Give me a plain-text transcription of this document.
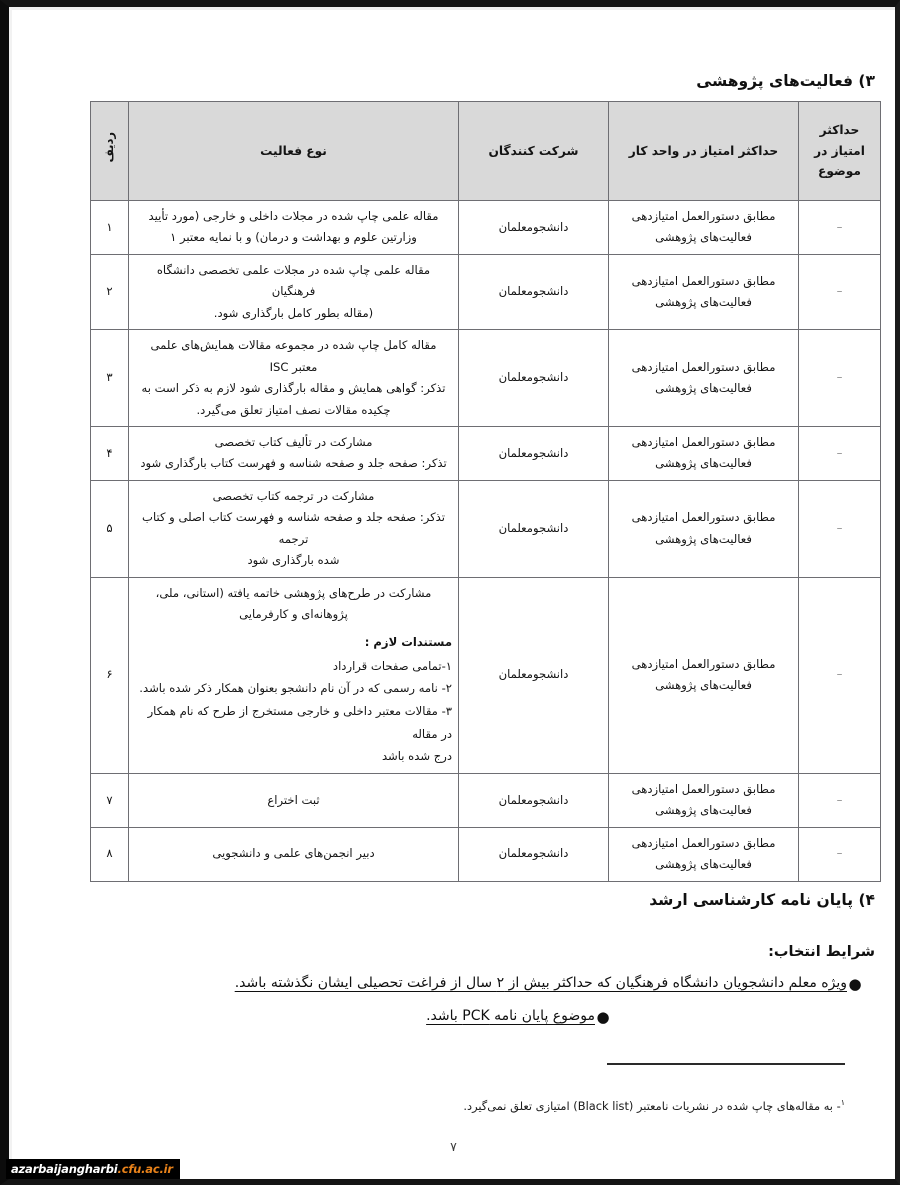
۳) فعالیت‌های پژوهشی
حداکثر امتیاز در موضوع	حداکثر امتیاز در واحد کار	شرکت کنندگان	نوع فعالیت	ردیف
–	مطابق دستورالعمل امتیازدهی
فعالیت‌های پژوهشی	دانشجومعلمان	مقاله علمی چاپ شده در مجلات داخلی و خارجی (مورد تأیید
وزارتین علوم و بهداشت و درمان) و با نمایه معتبر ۱	۱
–	مطابق دستورالعمل امتیازدهی
فعالیت‌های پژوهشی	دانشجومعلمان	مقاله علمی چاپ شده در مجلات علمی تخصصی دانشگاه فرهنگیان
(مقاله بطور کامل بارگذاری شود.	۲
–	مطابق دستورالعمل امتیازدهی
فعالیت‌های پژوهشی	دانشجومعلمان	مقاله کامل چاپ شده در مجموعه مقالات همایش‌های علمی
معتبر ISC
تذکر: گواهی همایش و مقاله بارگذاری شود لازم به ذکر است به
چکیده مقالات نصف امتیاز تعلق می‌گیرد.	۳
–	مطابق دستورالعمل امتیازدهی
فعالیت‌های پژوهشی	دانشجومعلمان	مشارکت در تألیف کتاب تخصصی
تذکر: صفحه جلد و صفحه شناسه و فهرست کتاب بارگذاری شود	۴
–	مطابق دستورالعمل امتیازدهی
فعالیت‌های پژوهشی	دانشجومعلمان	مشارکت در ترجمه کتاب تخصصی
تذکر: صفحه جلد و صفحه شناسه و فهرست کتاب اصلی و کتاب ترجمه
شده بارگذاری شود	۵
–	
مطابق دستورالعمل امتیازدهی
فعالیت‌های پژوهشی
	دانشجومعلمان	
مشارکت در طرح‌های پژوهشی خاتمه یافته (استانی، ملی،
پژوهانه‌ای و کارفرمایی
مستندات لازم :
۱-تمامی صفحات قرارداد
۲- نامه رسمی که در آن نام دانشجو بعنوان همکار ذکر شده باشد.
۳- مقالات معتبر داخلی و خارجی مستخرج از طرح که نام همکار در مقاله
درج شده باشد
	۶
–	مطابق دستورالعمل امتیازدهی
فعالیت‌های پژوهشی	دانشجومعلمان	ثبت اختراع	۷
–	مطابق دستورالعمل امتیازدهی
فعالیت‌های پژوهشی	دانشجومعلمان	دبیر انجمن‌های علمی و دانشجویی	۸
۴) پایان نامه کارشناسی ارشد
شرایط انتخاب:
●
ویژه معلم دانشجویان دانشگاه فرهنگیان که حداکثر بیش از ۲ سال از فراغت تحصیلی ایشان نگذشته باشد.
●
موضوع پایان نامه PCK باشد.
$^۱$- به مقاله‌های چاپ شده در نشریات نامعتبر (Black list) امتیازی تعلق نمی‌گیرد.
۷
azarbaijangharbi.cfu.ac.ir
